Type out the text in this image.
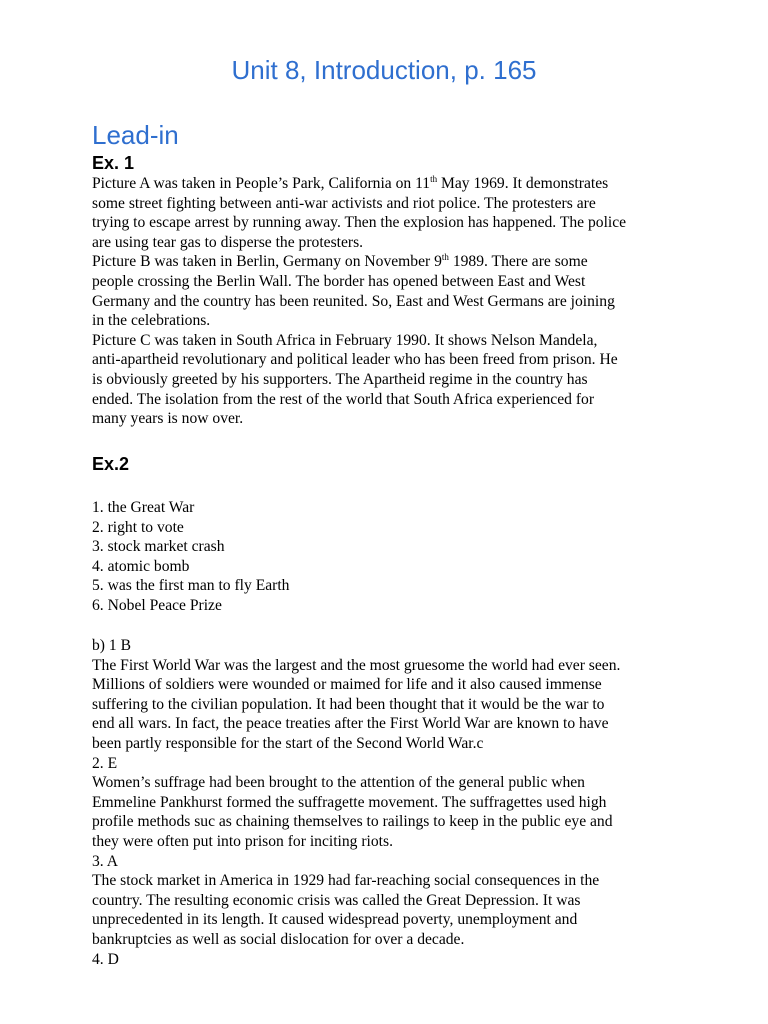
Unit 8, Introduction, p. 165
Lead-in
Ex. 1
Picture A was taken in People’s Park, California on 11th May 1969. It demonstrates
some street fighting between anti-war activists and riot police. The protesters are
trying to escape arrest by running away. Then the explosion has happened. The police
are using tear gas to disperse the protesters.
Picture B was taken in Berlin, Germany on November 9th 1989. There are some
people crossing the Berlin Wall. The border has opened between East and West
Germany and the country has been reunited. So, East and West Germans are joining
in the celebrations.
Picture C was taken in South Africa in February 1990. It shows Nelson Mandela,
anti-apartheid revolutionary and political leader who has been freed from prison. He
is obviously greeted by his supporters. The Apartheid regime in the country has
ended. The isolation from the rest of the world that South Africa experienced for
many years is now over.
Ex.2
1. the Great War
2. right to vote
3. stock market crash
4. atomic bomb
5. was the first man to fly Earth
6. Nobel Peace Prize
b) 1 B
The First World War was the largest and the most gruesome the world had ever seen.
Millions of soldiers were wounded or maimed for life and it also caused immense
suffering to the civilian population. It had been thought that it would be the war to
end all wars. In fact, the peace treaties after the First World War are known to have
been partly responsible for the start of the Second World War.c
2. E
Women’s suffrage had been brought to the attention of the general public when
Emmeline Pankhurst formed the suffragette movement. The suffragettes used high
profile methods suc as chaining themselves to railings to keep in the public eye and
they were often put into prison for inciting riots.
3. A
The stock market in America in 1929 had far-reaching social consequences in the
country. The resulting economic crisis was called the Great Depression. It was
unprecedented in its length. It caused widespread poverty, unemployment and
bankruptcies as well as social dislocation for over a decade.
4. D
